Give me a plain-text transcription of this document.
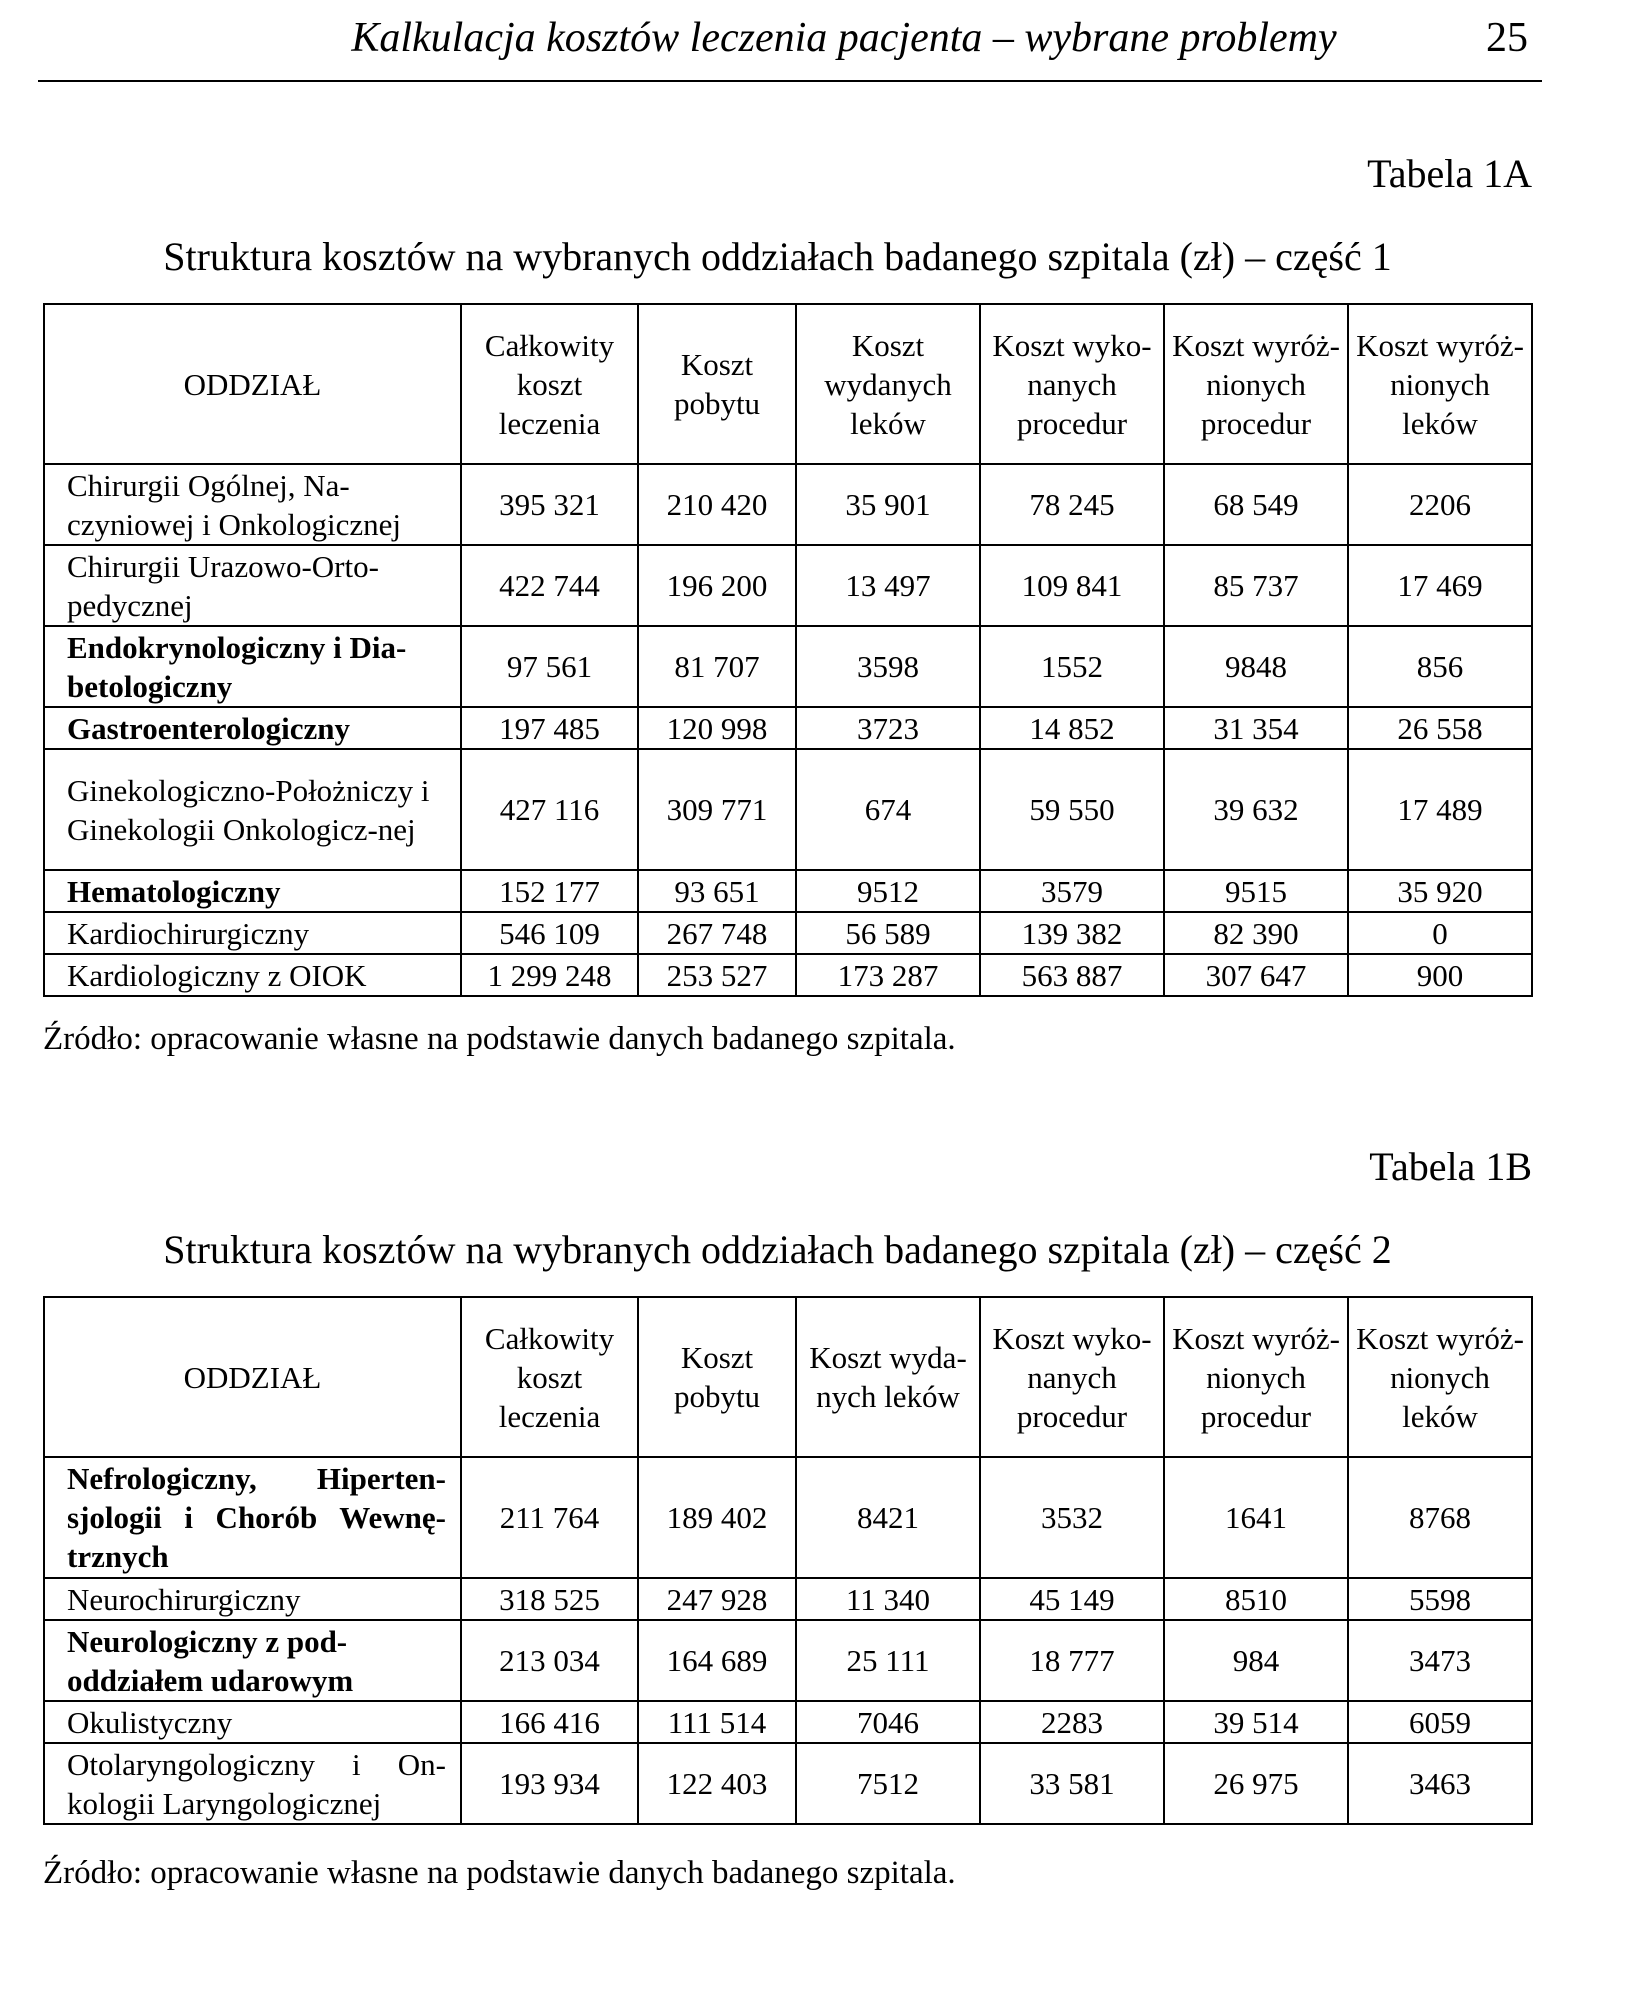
Kalkulacja kosztów leczenia pacjenta – wybrane problemy	25
Tabela 1A
Struktura kosztów na wybranych oddziałach badanego szpitala (zł) – część 1
ODDZIAŁ	Całkowity koszt leczenia	Koszt pobytu	Koszt wydanych leków	Koszt wyko-nanych procedur	Koszt wyróż-nionych procedur	Koszt wyróż-nionych leków
Chirurgii Ogólnej, Na-czyniowej i Onkologicznej	395 321	210 420	35 901	78 245	68 549	2206
Chirurgii Urazowo-Orto-pedycznej	422 744	196 200	13 497	109 841	85 737	17 469
Endokrynologiczny i Dia-betologiczny	97 561	81 707	3598	1552	9848	856
Gastroenterologiczny	197 485	120 998	3723	14 852	31 354	26 558
Ginekologiczno-Położniczy i Ginekologii Onkologicz-nej	427 116	309 771	674	59 550	39 632	17 489
Hematologiczny	152 177	93 651	9512	3579	9515	35 920
Kardiochirurgiczny	546 109	267 748	56 589	139 382	82 390	0
Kardiologiczny z OIOK	1 299 248	253 527	173 287	563 887	307 647	900
Źródło: opracowanie własne na podstawie danych badanego szpitala.
Tabela 1B
Struktura kosztów na wybranych oddziałach badanego szpitala (zł) – część 2
ODDZIAŁ	Całkowity koszt leczenia	Koszt pobytu	Koszt wyda-nych leków	Koszt wyko-nanych procedur	Koszt wyróż-nionych procedur	Koszt wyróż-nionych leków
Nefrologiczny, Hiperten-sjologii i Chorób Wewnę-trznych	211 764	189 402	8421	3532	1641	8768
Neurochirurgiczny	318 525	247 928	11 340	45 149	8510	5598
Neurologiczny z pod-oddziałem udarowym	213 034	164 689	25 111	18 777	984	3473
Okulistyczny	166 416	111 514	7046	2283	39 514	6059
Otolaryngologiczny i On-kologii Laryngologicznej	193 934	122 403	7512	33 581	26 975	3463
Źródło: opracowanie własne na podstawie danych badanego szpitala.
